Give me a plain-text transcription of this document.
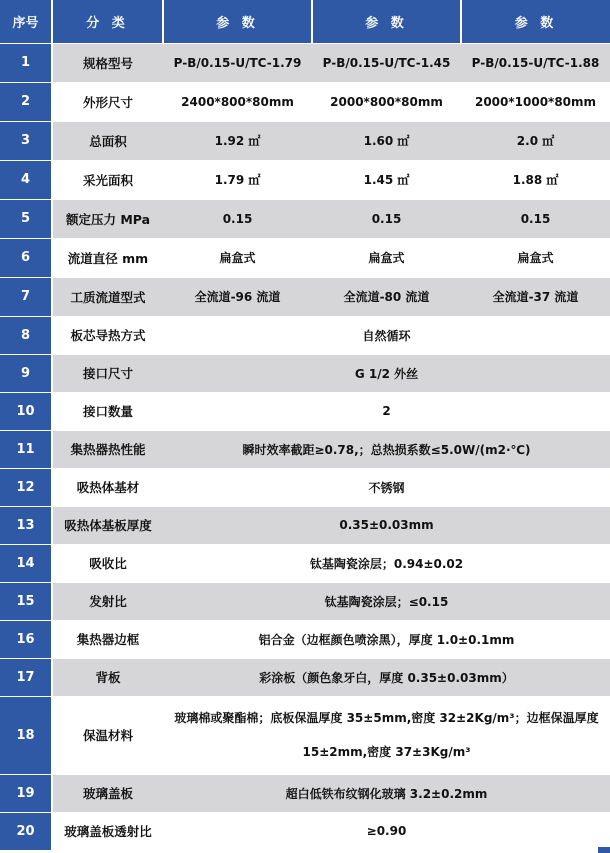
序号	分 类	参 数	参 数	参 数
1	规格型号	P-B/0.15-U/TC-1.79	P-B/0.15-U/TC-1.45	P-B/0.15-U/TC-1.88
2	外形尺寸	2400*800*80mm	2000*800*80mm	2000*1000*80mm
3	总面积	1.92 ㎡	1.60 ㎡	2.0 ㎡
4	采光面积	1.79 ㎡	1.45 ㎡	1.88 ㎡
5	额定压力 MPa	0.15	0.15	0.15
6	流道直径 mm	扁盒式	扁盒式	扁盒式
7	工质流道型式	全流道-96 流道	全流道-80 流道	全流道-37 流道
8	板芯导热方式	自然循环		
9	接口尺寸	G 1/2 外丝		
10	接口数量	2		
11	集热器热性能	瞬时效率截距≥0.78,；总热损系数≤5.0W/(m2·℃)		
12	吸热体基材	不锈钢		
13	吸热体基板厚度	0.35±0.03mm		
14	吸收比	钛基陶瓷涂层；0.94±0.02		
15	发射比	钛基陶瓷涂层；≤0.15		
16	集热器边框	铝合金（边框颜色喷涂黑），厚度 1.0±0.1mm		
17	背板	彩涂板（颜色象牙白，厚度 0.35±0.03mm）		
18	保温材料	玻璃棉或聚酯棉；底板保温厚度 35±5mm,密度 32±2Kg/m³；边框保温厚度 15±2mm,密度 37±3Kg/m³		
19	玻璃盖板	超白低铁布纹钢化玻璃 3.2±0.2mm		
20	玻璃盖板透射比	≥0.90		
